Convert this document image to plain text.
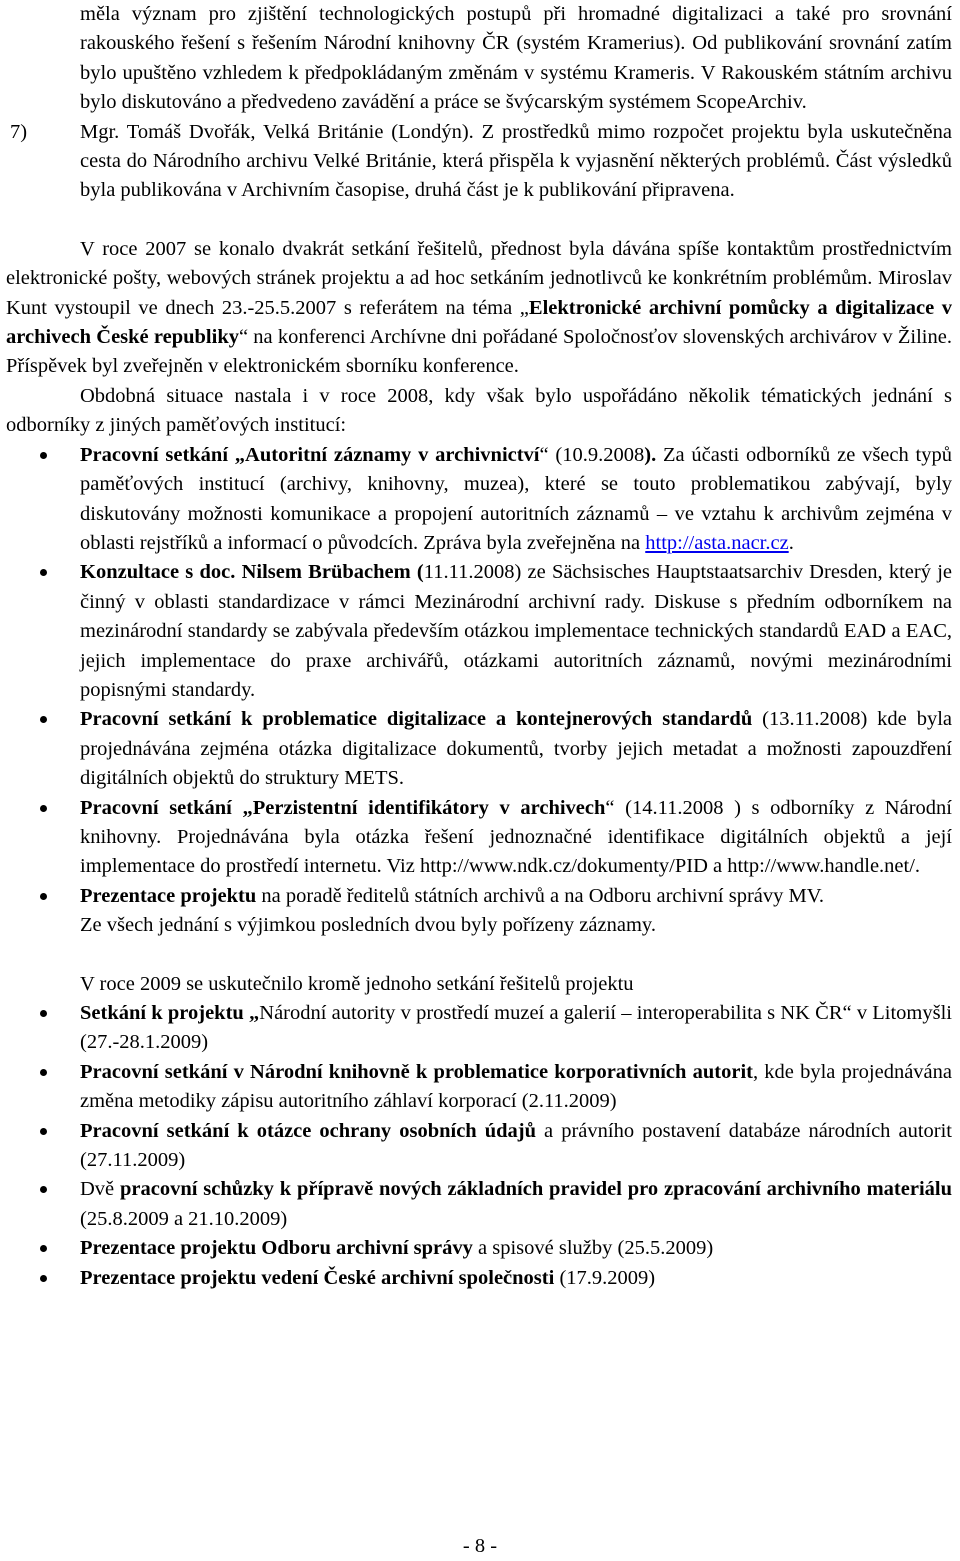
měla význam pro zjištění technologických postupů při hromadné digitalizaci a také pro srovnání rakouského řešení s řešením Národní knihovny ČR (systém Kramerius). Od publikování srovnání zatím bylo upuštěno vzhledem k předpokládaným změnám v systému Krameris. V Rakouském státním archivu bylo diskutováno a předvedeno zavádění a práce se švýcarským systémem ScopeArchiv.

7)	Mgr. Tomáš Dvořák, Velká Británie (Londýn). Z prostředků mimo rozpočet projektu byla uskutečněna cesta do Národního archivu Velké Británie, která přispěla k vyjasnění některých problémů. Část výsledků byla publikována v Archivním časopise, druhá část je k publikování připravena.

V roce 2007 se konalo dvakrát setkání řešitelů, přednost byla dávána spíše kontaktům prostřednictvím elektronické pošty, webových stránek projektu a ad hoc setkáním jednotlivců ke konkrétním problémům. Miroslav Kunt vystoupil ve dnech 23.-25.5.2007 s referátem na téma „Elektronické archivní pomůcky a digitalizace v archivech České republiky“ na konferenci Archívne dni pořádané Spoločnosťov slovenských archivárov v Žiline. Příspěvek byl zveřejněn v elektronickém sborníku konference.

Obdobná situace nastala i v roce 2008, kdy však bylo uspořádáno několik tématických jednání s odborníky z jiných paměťových institucí:

Pracovní setkání „Autoritní záznamy v archivnictví“ (10.9.2008). Za účasti odborníků ze všech typů paměťových institucí (archivy, knihovny, muzea), které se touto problematikou zabývají, byly diskutovány možnosti komunikace a propojení autoritních záznamů – ve vztahu k archivům zejména v oblasti rejstříků a informací o původcích. Zpráva byla zveřejněna na http://asta.nacr.cz.
Konzultace s doc. Nilsem Brübachem (11.11.2008) ze Sächsisches Hauptstaatsarchiv Dresden, který je činný v oblasti standardizace v rámci Mezinárodní archivní rady. Diskuse s předním odborníkem na mezinárodní standardy se zabývala především otázkou implementace technických standardů EAD a EAC, jejich implementace do praxe archivářů, otázkami autoritních záznamů, novými mezinárodními popisnými standardy.
Pracovní setkání k problematice digitalizace a kontejnerových standardů (13.11.2008) kde byla projednávána zejména otázka digitalizace dokumentů, tvorby jejich metadat a možnosti zapouzdření digitálních objektů do struktury METS.
Pracovní setkání „Perzistentní identifikátory v archivech“ (14.11.2008 ) s odborníky z Národní knihovny. Projednávána byla otázka řešení jednoznačné identifikace digitálních objektů a její implementace do prostředí internetu. Viz http://www.ndk.cz/dokumenty/PID a http://www.handle.net/.
Prezentace projektu na poradě ředitelů státních archivů a na Odboru archivní správy MV.

Ze všech jednání s výjimkou posledních dvou byly pořízeny záznamy.

V roce 2009 se uskutečnilo kromě jednoho setkání řešitelů projektu

Setkání k projektu „Národní autority v prostředí muzeí a galerií – interoperabilita s NK ČR“ v Litomyšli (27.-28.1.2009)
Pracovní setkání v Národní knihovně k problematice korporativních autorit, kde byla projednávána změna metodiky zápisu autoritního záhlaví korporací (2.11.2009)
Pracovní setkání k otázce ochrany osobních údajů a právního postavení databáze národních autorit (27.11.2009)
Dvě pracovní schůzky k přípravě nových základních pravidel pro zpracování archivního materiálu (25.8.2009 a 21.10.2009)
Prezentace projektu Odboru archivní správy a spisové služby (25.5.2009)
Prezentace projektu vedení České archivní společnosti (17.9.2009)
- 8 -
